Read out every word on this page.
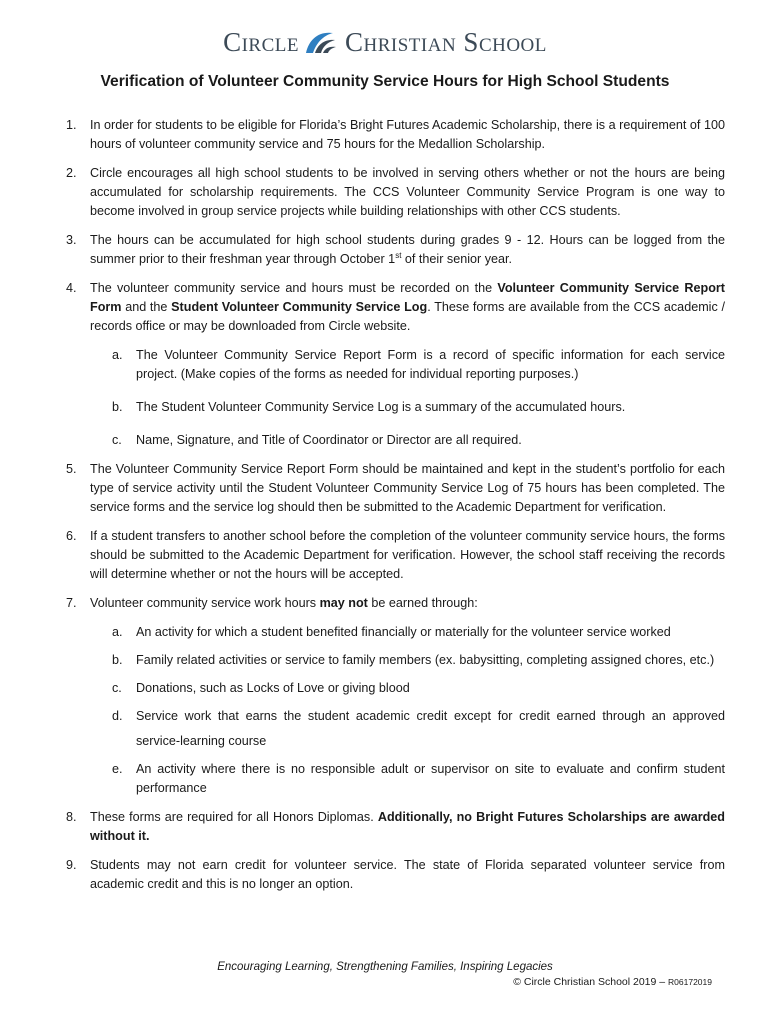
Circle Christian School
Verification of Volunteer Community Service Hours for High School Students
1. In order for students to be eligible for Florida’s Bright Futures Academic Scholarship, there is a requirement of 100 hours of volunteer community service and 75 hours for the Medallion Scholarship.
2. Circle encourages all high school students to be involved in serving others whether or not the hours are being accumulated for scholarship requirements. The CCS Volunteer Community Service Program is one way to become involved in group service projects while building relationships with other CCS students.
3. The hours can be accumulated for high school students during grades 9 - 12. Hours can be logged from the summer prior to their freshman year through October 1st of their senior year.
4. The volunteer community service and hours must be recorded on the Volunteer Community Service Report Form and the Student Volunteer Community Service Log. These forms are available from the CCS academic / records office or may be downloaded from Circle website.
a. The Volunteer Community Service Report Form is a record of specific information for each service project. (Make copies of the forms as needed for individual reporting purposes.)
b. The Student Volunteer Community Service Log is a summary of the accumulated hours.
c. Name, Signature, and Title of Coordinator or Director are all required.
5. The Volunteer Community Service Report Form should be maintained and kept in the student’s portfolio for each type of service activity until the Student Volunteer Community Service Log of 75 hours has been completed. The service forms and the service log should then be submitted to the Academic Department for verification.
6. If a student transfers to another school before the completion of the volunteer community service hours, the forms should be submitted to the Academic Department for verification. However, the school staff receiving the records will determine whether or not the hours will be accepted.
7. Volunteer community service work hours may not be earned through:
a. An activity for which a student benefited financially or materially for the volunteer service worked
b. Family related activities or service to family members (ex. babysitting, completing assigned chores, etc.)
c. Donations, such as Locks of Love or giving blood
d. Service work that earns the student academic credit except for credit earned through an approved service-learning course
e. An activity where there is no responsible adult or supervisor on site to evaluate and confirm student performance
8. These forms are required for all Honors Diplomas. Additionally, no Bright Futures Scholarships are awarded without it.
9. Students may not earn credit for volunteer service. The state of Florida separated volunteer service from academic credit and this is no longer an option.
Encouraging Learning, Strengthening Families, Inspiring Legacies
© Circle Christian School 2019 – R06172019
